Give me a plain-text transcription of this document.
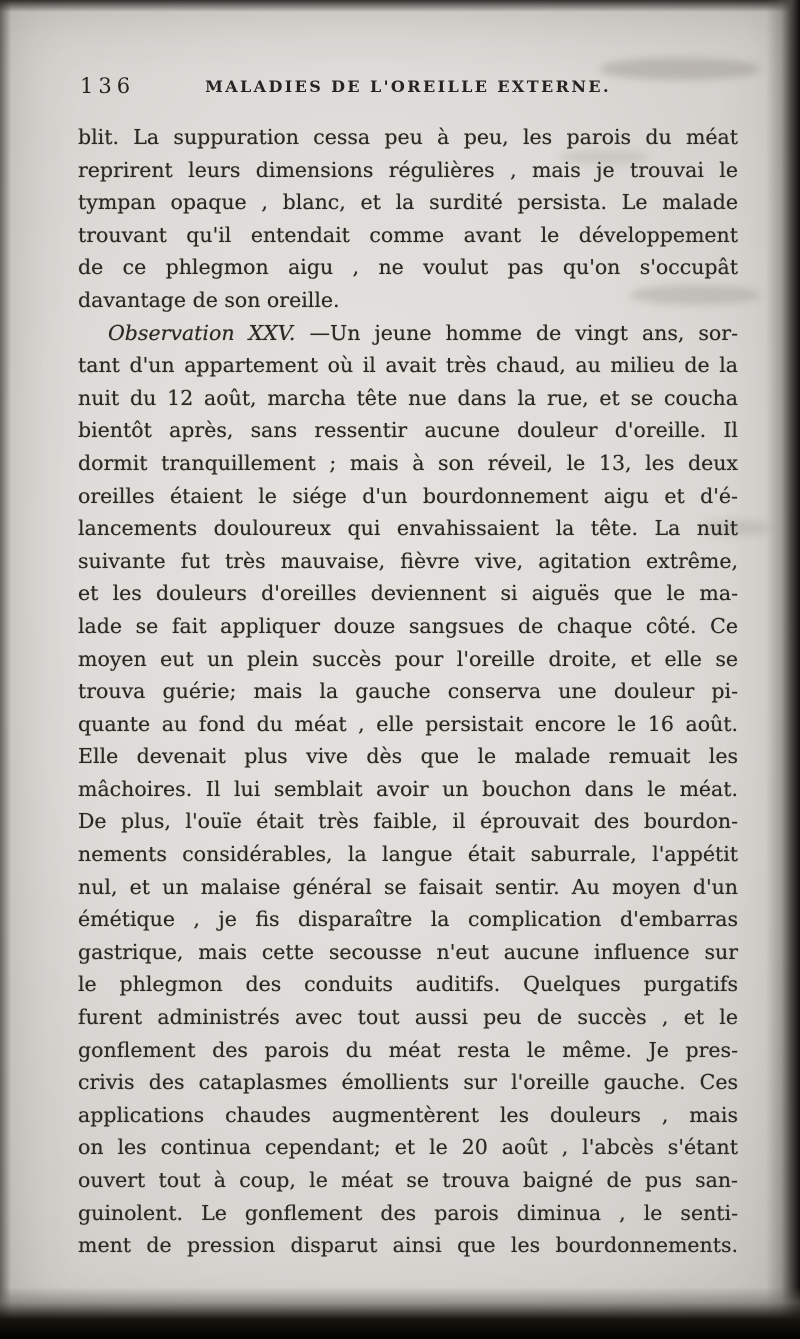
136	MALADIES DE L'OREILLE EXTERNE.
blit. La suppuration cessa peu à peu, les parois du méat
reprirent leurs dimensions régulières , mais je trouvai le
tympan opaque , blanc, et la surdité persista. Le malade
trouvant qu'il entendait comme avant le développement
de ce phlegmon aigu , ne voulut pas qu'on s'occupât
davantage de son oreille.
Observation XXV. —Un jeune homme de vingt ans, sor-
tant d'un appartement où il avait très chaud, au milieu de la
nuit du 12 août, marcha tête nue dans la rue, et se coucha
bientôt après, sans ressentir aucune douleur d'oreille. Il
dormit tranquillement ; mais à son réveil, le 13, les deux
oreilles étaient le siége d'un bourdonnement aigu et d'é-
lancements douloureux qui envahissaient la tête. La nuit
suivante fut très mauvaise, fièvre vive, agitation extrême,
et les douleurs d'oreilles deviennent si aiguës que le ma-
lade se fait appliquer douze sangsues de chaque côté. Ce
moyen eut un plein succès pour l'oreille droite, et elle se
trouva guérie; mais la gauche conserva une douleur pi-
quante au fond du méat , elle persistait encore le 16 août.
Elle devenait plus vive dès que le malade remuait les
mâchoires. Il lui semblait avoir un bouchon dans le méat.
De plus, l'ouïe était très faible, il éprouvait des bourdon-
nements considérables, la langue était saburrale, l'appétit
nul, et un malaise général se faisait sentir. Au moyen d'un
émétique , je fis disparaître la complication d'embarras
gastrique, mais cette secousse n'eut aucune influence sur
le phlegmon des conduits auditifs. Quelques purgatifs
furent administrés avec tout aussi peu de succès , et le
gonflement des parois du méat resta le même. Je pres-
crivis des cataplasmes émollients sur l'oreille gauche. Ces
applications chaudes augmentèrent les douleurs , mais
on les continua cependant; et le 20 août , l'abcès s'étant
ouvert tout à coup, le méat se trouva baigné de pus san-
guinolent. Le gonflement des parois diminua , le senti-
ment de pression disparut ainsi que les bourdonnements.
